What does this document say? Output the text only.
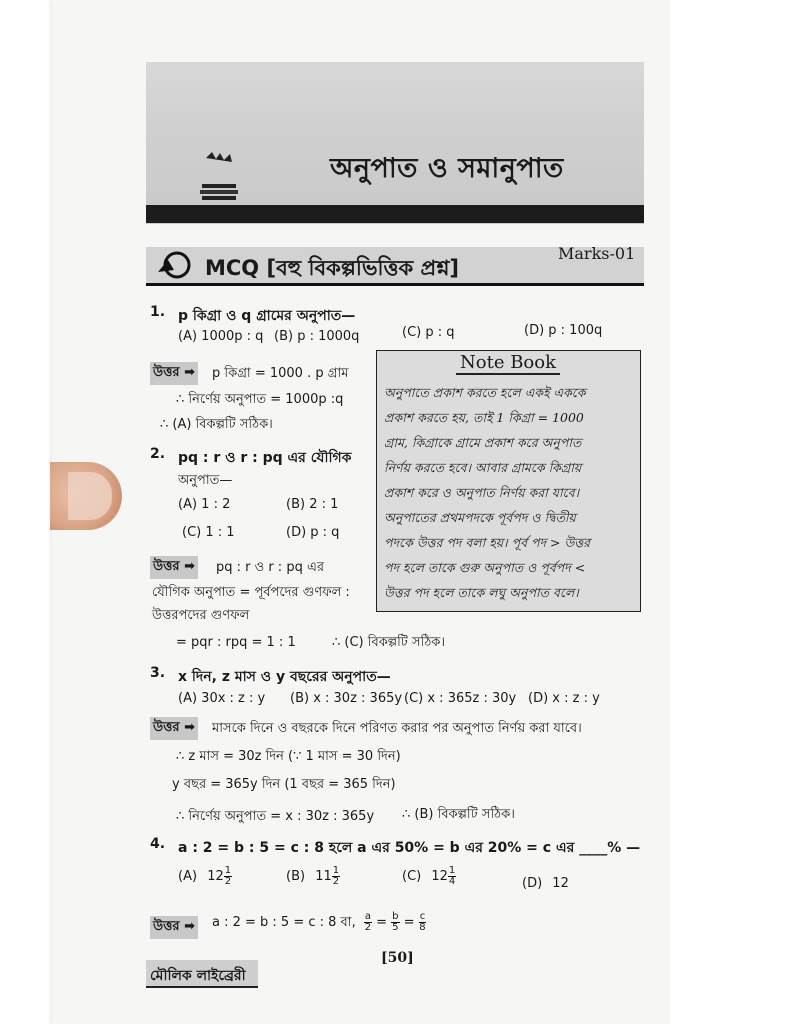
অনুপাত ও সমানুপাত
MCQ [বহু বিকল্পভিত্তিক প্রশ্ন]
Marks-01
1. p কিগ্রা ও q গ্রামের অনুপাত—
(A) 1000p : q (B) p : 1000q	(C) p : q	(D) p : 100q
উত্তর ➡ p কিগ্রা = 1000 . p গ্রাম
∴ নির্ণেয় অনুপাত = 1000p :q
∴ (A) বিকল্পটি সঠিক।
Note Book
অনুপাতে প্রকাশ করতে হলে একই এককে
প্রকাশ করতে হয়, তাই 1 কিগ্রা = 1000
গ্রাম, কিগ্রাকে গ্রামে প্রকাশ করে অনুপাত
নির্ণয় করতে হবে। আবার গ্রামকে কিগ্রায়
প্রকাশ করে ও অনুপাত নির্ণয় করা যাবে।
অনুপাতের প্রথমপদকে পূর্বপদ ও দ্বিতীয়
পদকে উত্তর পদ বলা হয়। পূর্ব পদ > উত্তর
পদ হলে তাকে গুরু অনুপাত ও পূর্বপদ <
উত্তর পদ হলে তাকে লঘু অনুপাত বলে।
2. pq : r ও r : pq এর যৌগিক
অনুপাত—
(A) 1 : 2	(B) 2 : 1
(C) 1 : 1	(D) p : q
উত্তর ➡ pq : r ও r : pq এর
যৌগিক অনুপাত = পূর্বপদের গুণফল :
উত্তরপদের গুণফল
= pqr : rpq = 1 : 1	∴ (C) বিকল্পটি সঠিক।
3. x দিন, z মাস ও y বছরের অনুপাত—
(A) 30x : z : y (B) x : 30z : 365y (C) x : 365z : 30y (D) x : z : y
উত্তর ➡ মাসকে দিনে ও বছরকে দিনে পরিণত করার পর অনুপাত নির্ণয় করা যাবে।
∴ z মাস = 30z দিন (∵ 1 মাস = 30 দিন)
y বছর = 365y দিন (1 বছর = 365 দিন)
∴ নির্ণেয় অনুপাত = x : 30z : 365y ∴ (B) বিকল্পটি সঠিক।
4. a : 2 = b : 5 = c : 8 হলে a এর 50% = b এর 20% = c এর ____% —
(A) $12 \frac{1}{2}$	(B) $11 \frac{1}{2}$	(C) $12 \frac{1}{4}$	(D) 12
উত্তর ➡ a : 2 = b : 5 = c : 8 বা, $\frac{a}{2} = \frac{b}{5} = \frac{c}{8}$
মৌলিক লাইব্রেরী
[50]
